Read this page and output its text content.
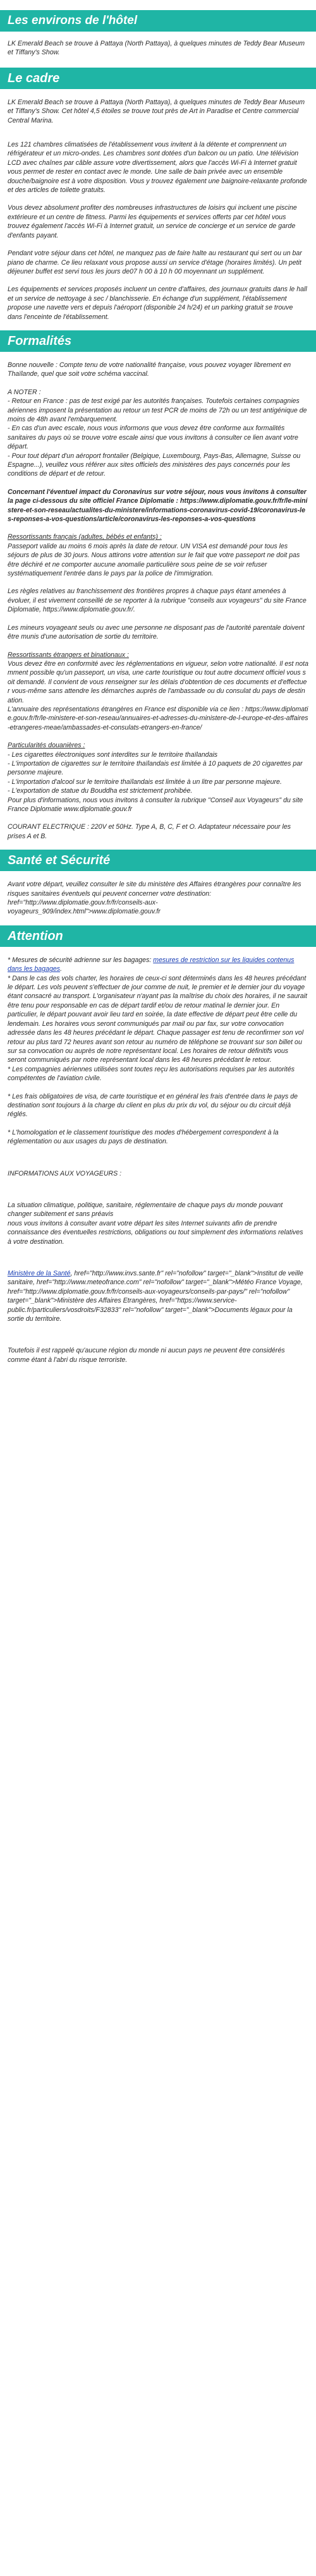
Les environs de l'hôtel

LK Emerald Beach se trouve à Pattaya (North Pattaya), à quelques minutes de Teddy Bear Museum et Tiffany's Show.

Le cadre

LK Emerald Beach se trouve à Pattaya (North Pattaya), à quelques minutes de Teddy Bear Museum et Tiffany's Show. Cet hôtel 4,5 étoiles se trouve tout près de Art in Paradise et Centre commercial Central Marina.

Les 121 chambres climatisées de l'établissement vous invitent à la détente et comprennent un réfrigérateur et un micro-ondes. Les chambres sont dotées d'un balcon ou un patio. Une télévision LCD avec chaînes par câble assure votre divertissement, alors que l'accès Wi-Fi à Internet gratuit vous permet de rester en contact avec le monde. Une salle de bain privée avec un ensemble douche/baignoire est à votre disposition. Vous y trouvez également une baignoire-relaxante profonde et des articles de toilette gratuits.

Vous devez absolument profiter des nombreuses infrastructures de loisirs qui incluent une piscine extérieure et un centre de fitness. Parmi les équipements et services offerts par cet hôtel vous trouvez également l'accès Wi-Fi à Internet gratuit, un service de concierge et un service de garde d'enfants payant.

Pendant votre séjour dans cet hôtel, ne manquez pas de faire halte au restaurant qui sert ou un bar piano de charme. Ce lieu relaxant vous propose aussi un service d'étage (horaires limités). Un petit déjeuner buffet est servi tous les jours de07 h 00 à 10 h 00 moyennant un supplément.

Les équipements et services proposés incluent un centre d'affaires, des journaux gratuits dans le hall et un service de nettoyage à sec / blanchisserie. En échange d'un supplément, l'établissement propose une navette vers et depuis l'aéroport (disponible 24 h/24) et un parking gratuit se trouve dans l'enceinte de l'établissement.

Formalités

Bonne nouvelle : Compte tenu de votre nationalité française, vous pouvez voyager librement en Thaïlande, quel que soit votre schéma vaccinal.

A NOTER :
- Retour en France : pas de test exigé par les autorités françaises. Toutefois certaines compagnies aériennes imposent la présentation au retour un test PCR de moins de 72h ou un test antigénique de moins de 48h avant l'embarquement.
- En cas d'un avec escale, nous vous informons que vous devez être conforme aux formalités sanitaires du pays où se trouve votre escale ainsi que vous invitons à consulter ce lien avant votre départ.
- Pour tout départ d'un aéroport frontalier (Belgique, Luxembourg, Pays-Bas, Allemagne, Suisse ou Espagne...), veuillez vous référer aux sites officiels des ministères des pays concernés pour les conditions de départ et de retour.

Concernant l'éventuel impact du Coronavirus sur votre séjour, nous vous invitons à consulter la page ci-dessous du site officiel France Diplomatie : https://www.diplomatie.gouv.fr/fr/le-ministere-et-son-reseau/actualites-du-ministere/informations-coronavirus-covid-19/coronavirus-les-reponses-a-vos-questions/article/coronavirus-les-reponses-a-vos-questions

Ressortissants français (adultes, bébés et enfants) :

Passeport valide au moins 6 mois après la date de retour. UN VISA est demandé pour tous les séjours de plus de 30 jours. Nous attirons votre attention sur le fait que votre passeport ne doit pas être déchiré et ne comporter aucune anomalie particulière sous peine de se voir refuser systématiquement l'entrée dans le pays par la police de l'immigration.

Les règles relatives au franchissement des frontières propres à chaque pays étant amenées à évoluer, il est vivement conseillé de se reporter à la rubrique "conseils aux voyageurs" du site France Diplomatie, https://www.diplomatie.gouv.fr/.

Les mineurs voyageant seuls ou avec une personne ne disposant pas de l'autorité parentale doivent être munis d'une autorisation de sortie du territoire.

Ressortissants étrangers et binationaux :

Vous devez être en conformité avec les réglementations en vigueur, selon votre nationalité. Il est notamment possible qu'un passeport, un visa, une carte touristique ou tout autre document officiel vous soit demandé. Il convient de vous renseigner sur les délais d'obtention de ces documents et d'effectuer vous-même sans attendre les démarches auprès de l'ambassade ou du consulat du pays de destination.
L'annuaire des représentations étrangères en France est disponible via ce lien : https://www.diplomatie.gouv.fr/fr/le-ministere-et-son-reseau/annuaires-et-adresses-du-ministere-de-l-europe-et-des-affaires-etrangeres-meae/ambassades-et-consulats-etrangers-en-france/

Particularités douanières :

- Les cigarettes électroniques sont interdites sur le territoire thaïlandais
- L'importation de cigarettes sur le territoire thaïlandais est limitée à 10 paquets de 20 cigarettes par personne majeure.
- L'importation d'alcool sur le territoire thaïlandais est limitée à un litre par personne majeure.
- L'exportation de statue du Bouddha est strictement prohibée.
Pour plus d'informations, nous vous invitons à consulter la rubrique "Conseil aux Voyageurs" du site France Diplomatie www.diplomatie.gouv.fr

COURANT ELECTRIQUE : 220V et 50Hz. Type A, B, C, F et O. Adaptateur nécessaire pour les prises A et B.

Santé et Sécurité

Avant votre départ, veuillez consulter le site du ministère des Affaires étrangères pour connaître les risques sanitaires éventuels qui peuvent concerner votre destination: href="http://www.diplomatie.gouv.fr/fr/conseils-aux-voyageurs_909/index.html">www.diplomatie.gouv.fr

Attention

* Mesures de sécurité adrienne sur les bagages: mesures de restriction sur les liquides contenus dans les bagages.
* Dans le cas des vols charter, les horaires de ceux-ci sont déterminés dans les 48 heures précédant le départ. Les vols peuvent s'effectuer de jour comme de nuit, le premier et le dernier jour du voyage étant consacré au transport. L'organisateur n'ayant pas la maîtrise du choix des horaires, il ne saurait être tenu pour responsable en cas de départ tardif et/ou de retour matinal le dernier jour. En particulier, le départ pouvant avoir lieu tard en soirée, la date effective de départ peut être celle du lendemain. Les horaires vous seront communiqués par mail ou par fax, sur votre convocation adressée dans les 48 heures précédant le départ. Chaque passager est tenu de reconfirmer son vol retour au plus tard 72 heures avant son retour au numéro de téléphone se trouvant sur son billet ou sur sa convocation ou auprès de notre représentant local. Les horaires de retour définitifs vous seront communiqués par notre représentant local dans les 48 heures précédant le retour.
* Les compagnies aériennes utilisées sont toutes reçu les autorisations requises par les autorités compétentes de l'aviation civile.

* Les frais obligatoires de visa, de carte touristique et en général les frais d'entrée dans le pays de destination sont toujours à la charge du client en plus du prix du vol, du séjour ou du circuit déjà réglés.

* L'homologation et le classement touristique des modes d'hébergement correspondent à la réglementation ou aux usages du pays de destination.

INFORMATIONS AUX VOYAGEURS :

La situation climatique, politique, sanitaire, réglementaire de chaque pays du monde pouvant changer subitement et sans préavis
nous vous invitons à consulter avant votre départ les sites Internet suivants afin de prendre connaissance des éventuelles restrictions, obligations ou tout simplement des informations relatives à votre destination.

Ministère de la Santé, href="http://www.invs.sante.fr" rel="nofollow" target="_blank">Institut de veille sanitaire, href="http://www.meteofrance.com" rel="nofollow" target="_blank">Météo France Voyage, href="http://www.diplomatie.gouv.fr/fr/conseils-aux-voyageurs/conseils-par-pays/" rel="nofollow" target="_blank">Ministère des Affaires Etrangères, href="https://www.service-public.fr/particuliers/vosdroits/F32833" rel="nofollow" target="_blank">Documents légaux pour la sortie du territoire.

Toutefois il est rappelé qu'aucune région du monde ni aucun pays ne peuvent être considérés comme étant à l'abri du risque terroriste.
